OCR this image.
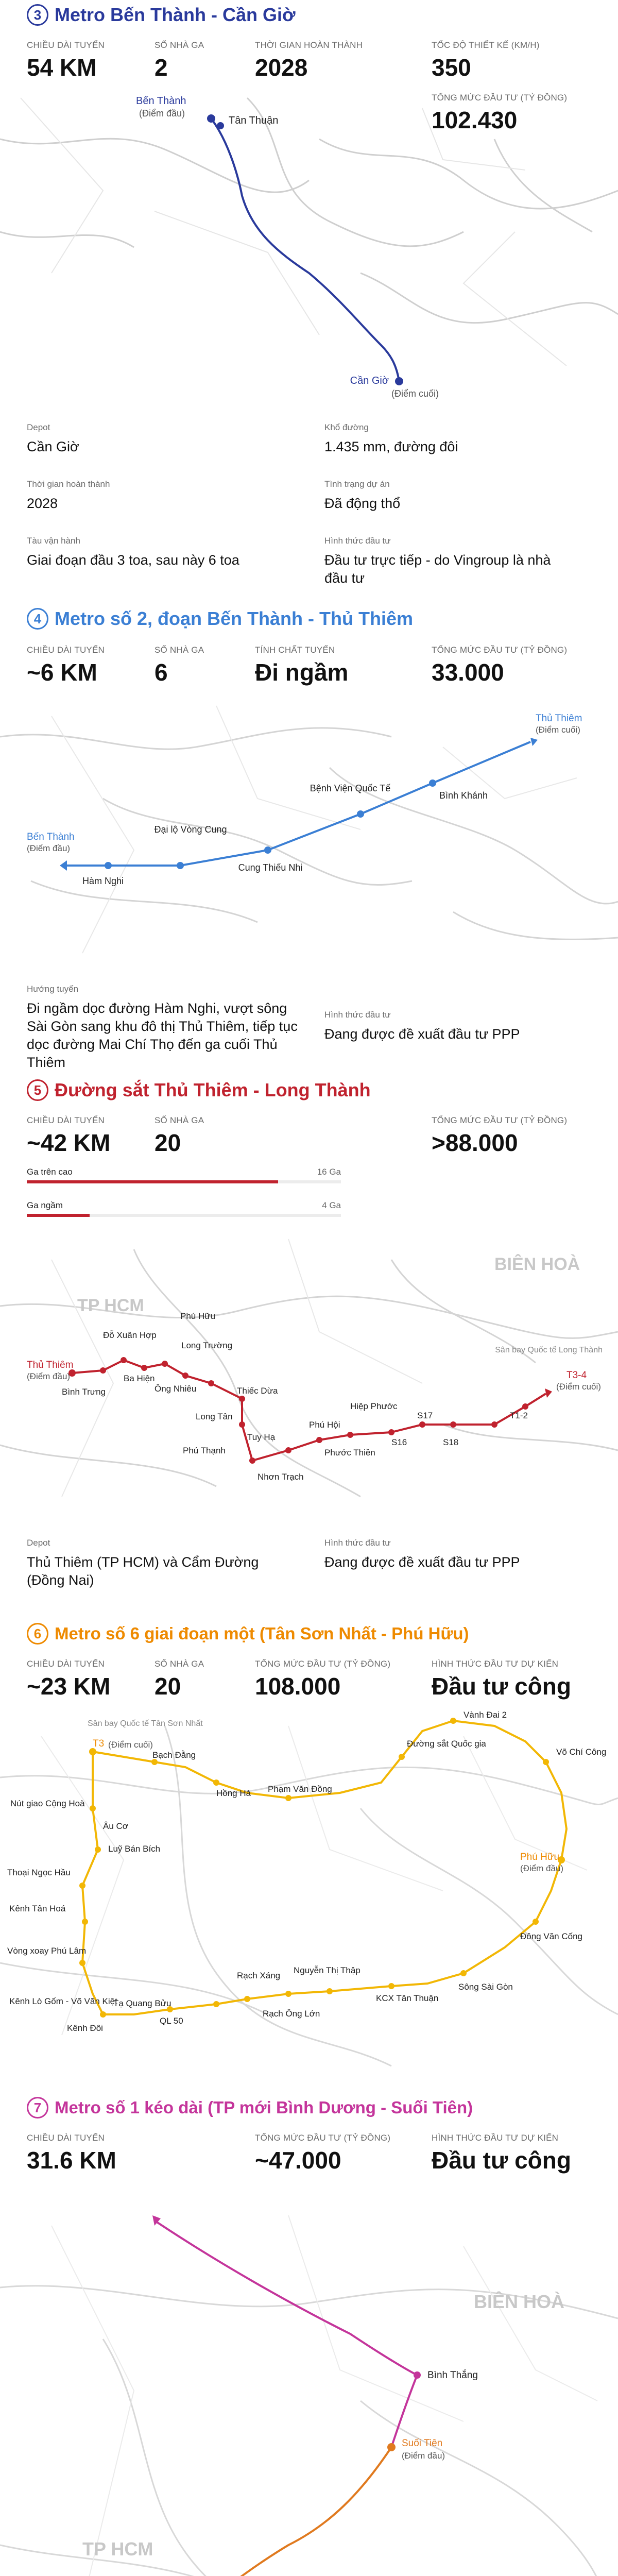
3 Metro Bến Thành - Cần Giờ
CHIỀU DÀI TUYẾN
54 KM
SỐ NHÀ GA
2
THỜI GIAN HOÀN THÀNH
2028
TỐC ĐỘ THIẾT KẾ (KM/H)
350
TỔNG MỨC ĐẦU TƯ (TỶ ĐỒNG)
102.430
Bến Thành
(Điểm đầu)
Tân Thuận
Cần Giờ
(Điểm cuối)
Depot
Cần Giờ
Khổ đường
1.435 mm, đường đôi
Thời gian hoàn thành
2028
Tình trạng dự án
Đã động thổ
Tàu vận hành
Giai đoạn đầu 3 toa, sau này 6 toa
Hình thức đầu tư
Đầu tư trực tiếp - do Vingroup là nhà đầu tư
4 Metro số 2, đoạn Bến Thành - Thủ Thiêm
CHIỀU DÀI TUYẾN
~6 KM
SỐ NHÀ GA
6
TÍNH CHẤT TUYẾN
Đi ngầm
TỔNG MỨC ĐẦU TƯ (TỶ ĐỒNG)
33.000
Bến Thành
(Điểm đầu)
Thủ Thiêm
(Điểm cuối)
Hàm Nghi
Đại lộ Vòng Cung
Cung Thiếu Nhi
Bệnh Viện Quốc Tế
Bình Khánh
Hướng tuyến
Đi ngầm dọc đường Hàm Nghi, vượt sông Sài Gòn sang khu đô thị Thủ Thiêm, tiếp tục dọc đường Mai Chí Thọ đến ga cuối Thủ Thiêm
Hình thức đầu tư
Đang được đề xuất đầu tư PPP
5 Đường sắt Thủ Thiêm - Long Thành
CHIỀU DÀI TUYẾN
~42 KM
SỐ NHÀ GA
20
TỔNG MỨC ĐẦU TƯ (TỶ ĐỒNG)
>88.000
Ga trên cao	16 Ga
Ga ngầm	4 Ga
BIÊN HOÀ
TP HCM
Thủ Thiêm
(Điểm đầu)
Sân bay Quốc tế Long Thành
T3-4
(Điểm cuối)
Phú Hữu
Đỗ Xuân Hợp
Long Trường
Bình Trưng
Ba Hiện
Ông Nhiêu	Thiếc Dừa
Long Tân
Tuy Hạ
Phú Thạnh
Nhơn Trạch
Phú Hội
Hiệp Phước
Phước Thiền
S16
S17
S18
T1-2
Depot
Thủ Thiêm (TP HCM) và Cẩm Đường (Đồng Nai)
Hình thức đầu tư
Đang được đề xuất đầu tư PPP
6 Metro số 6 giai đoạn một (Tân Sơn Nhất - Phú Hữu)
CHIỀU DÀI TUYẾN
~23 KM
SỐ NHÀ GA
20
TỔNG MỨC ĐẦU TƯ (TỶ ĐỒNG)
108.000
HÌNH THỨC ĐẦU TƯ DỰ KIẾN
Đầu tư công
Sân bay Quốc tế Tân Sơn Nhất
T3 (Điểm cuối)
Phú Hữu
(Điểm đầu)
Vành Đai 2
Đường sắt Quốc gia
Võ Chí Công
Bạch Đằng
Hồng Hà Phạm Văn Đồng
Nút giao Cộng Hoà
Âu Cơ
Luỹ Bán Bích
Thoại Ngọc Hầu
Kênh Tân Hoá
Vòng xoay Phú Lâm
Kênh Lò Gốm - Võ Văn Kiệt
Tạ Quang Bửu
Kênh Đôi
QL 50
Rạch Xáng
Rạch Ông Lớn
Nguyễn Thị Thập
KCX Tân Thuận
Sông Sài Gòn
Đông Văn Cống
7 Metro số 1 kéo dài (TP mới Bình Dương - Suối Tiên)
CHIỀU DÀI TUYẾN
31.6 KM
TỔNG MỨC ĐẦU TƯ (TỶ ĐỒNG)
~47.000
HÌNH THỨC ĐẦU TƯ DỰ KIẾN
Đầu tư công
BIÊN HOÀ
TP HCM
Bình Thắng
Suối Tiên
(Điểm đầu)
